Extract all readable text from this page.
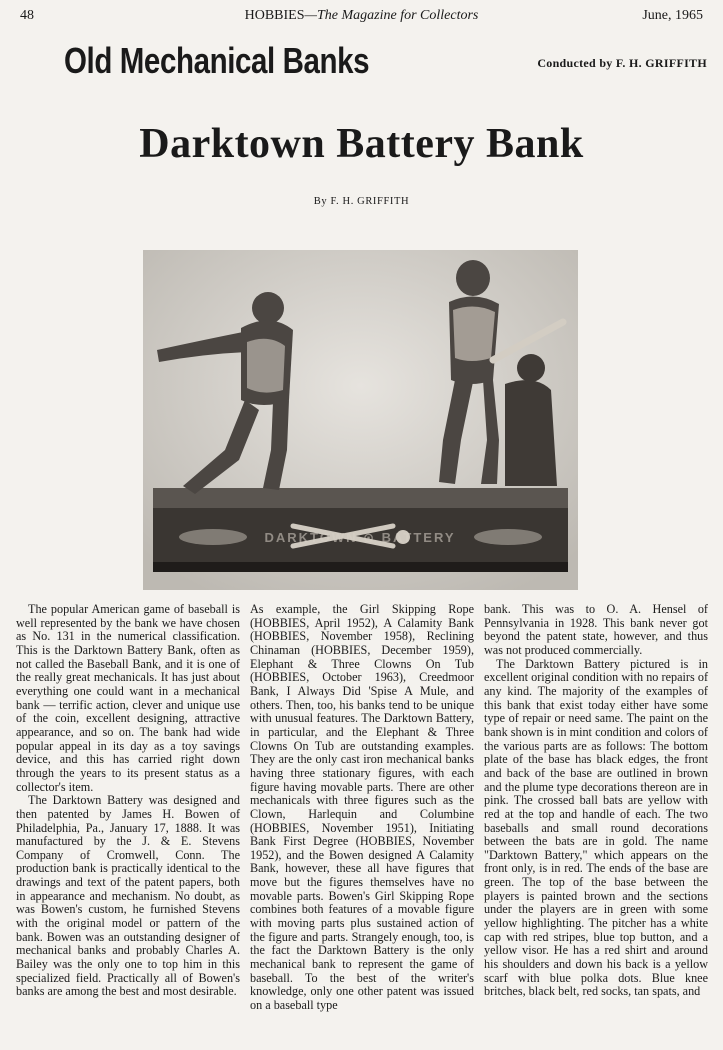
48	HOBBIES—The Magazine for Collectors	June, 1965
Old Mechanical Banks	Conducted by F. H. GRIFFITH
Darktown Battery Bank
By F. H. GRIFFITH
DARKTOWN ⊙ BATTERY

The popular American game of baseball is well represented by the bank we have chosen as No. 131 in the numerical classification. This is the Darktown Battery Bank, often as not called the Baseball Bank, and it is one of the really great mechanicals. It has just about everything one could want in a mechanical bank — terrific action, clever and unique use of the coin, excellent designing, attractive appearance, and so on. The bank had wide popular appeal in its day as a toy savings device, and this has carried right down through the years to its present status as a collector's item.

The Darktown Battery was designed and then patented by James H. Bowen of Philadelphia, Pa., January 17, 1888. It was manufactured by the J. & E. Stevens Company of Cromwell, Conn. The production bank is practically identical to the drawings and text of the patent papers, both in appearance and mechanism. No doubt, as was Bowen's custom, he furnished Stevens with the original model or pattern of the bank. Bowen was an outstanding designer of mechanical banks and probably Charles A. Bailey was the only one to top him in this specialized field. Practically all of Bowen's banks are among the best and most desirable.

As example, the Girl Skipping Rope (HOBBIES, April 1952), A Calamity Bank (HOBBIES, November 1958), Reclining Chinaman (HOBBIES, December 1959), Elephant & Three Clowns On Tub (HOBBIES, October 1963), Creedmoor Bank, I Always Did 'Spise A Mule, and others. Then, too, his banks tend to be unique with unusual features. The Darktown Battery, in particular, and the Elephant & Three Clowns On Tub are outstanding examples. They are the only cast iron mechanical banks having three stationary figures, with each figure having movable parts. There are other mechanicals with three figures such as the Clown, Harlequin and Columbine (HOBBIES, November 1951), Initiating Bank First Degree (HOBBIES, November 1952), and the Bowen designed A Calamity Bank, however, these all have figures that move but the figures themselves have no movable parts. Bowen's Girl Skipping Rope combines both features of a movable figure with moving parts plus sustained action of the figure and parts. Strangely enough, too, is the fact the Darktown Battery is the only mechanical bank to represent the game of baseball. To the best of the writer's knowledge, only one other patent was issued on a baseball type

bank. This was to O. A. Hensel of Pennsylvania in 1928. This bank never got beyond the patent state, however, and thus was not produced commercially.

The Darktown Battery pictured is in excellent original condition with no repairs of any kind. The majority of the examples of this bank that exist today either have some type of repair or need same. The paint on the bank shown is in mint condition and colors of the various parts are as follows: The bottom plate of the base has black edges, the front and back of the base are outlined in brown and the plume type decorations thereon are in pink. The crossed ball bats are yellow with red at the top and handle of each. The two baseballs and small round decorations between the bats are in gold. The name "Darktown Battery," which appears on the front only, is in red. The ends of the base are green. The top of the base between the players is painted brown and the sections under the players are in green with some yellow highlighting. The pitcher has a white cap with red stripes, blue top button, and a yellow visor. He has a red shirt and around his shoulders and down his back is a yellow scarf with blue polka dots. Blue knee britches, black belt, red socks, tan spats, and
